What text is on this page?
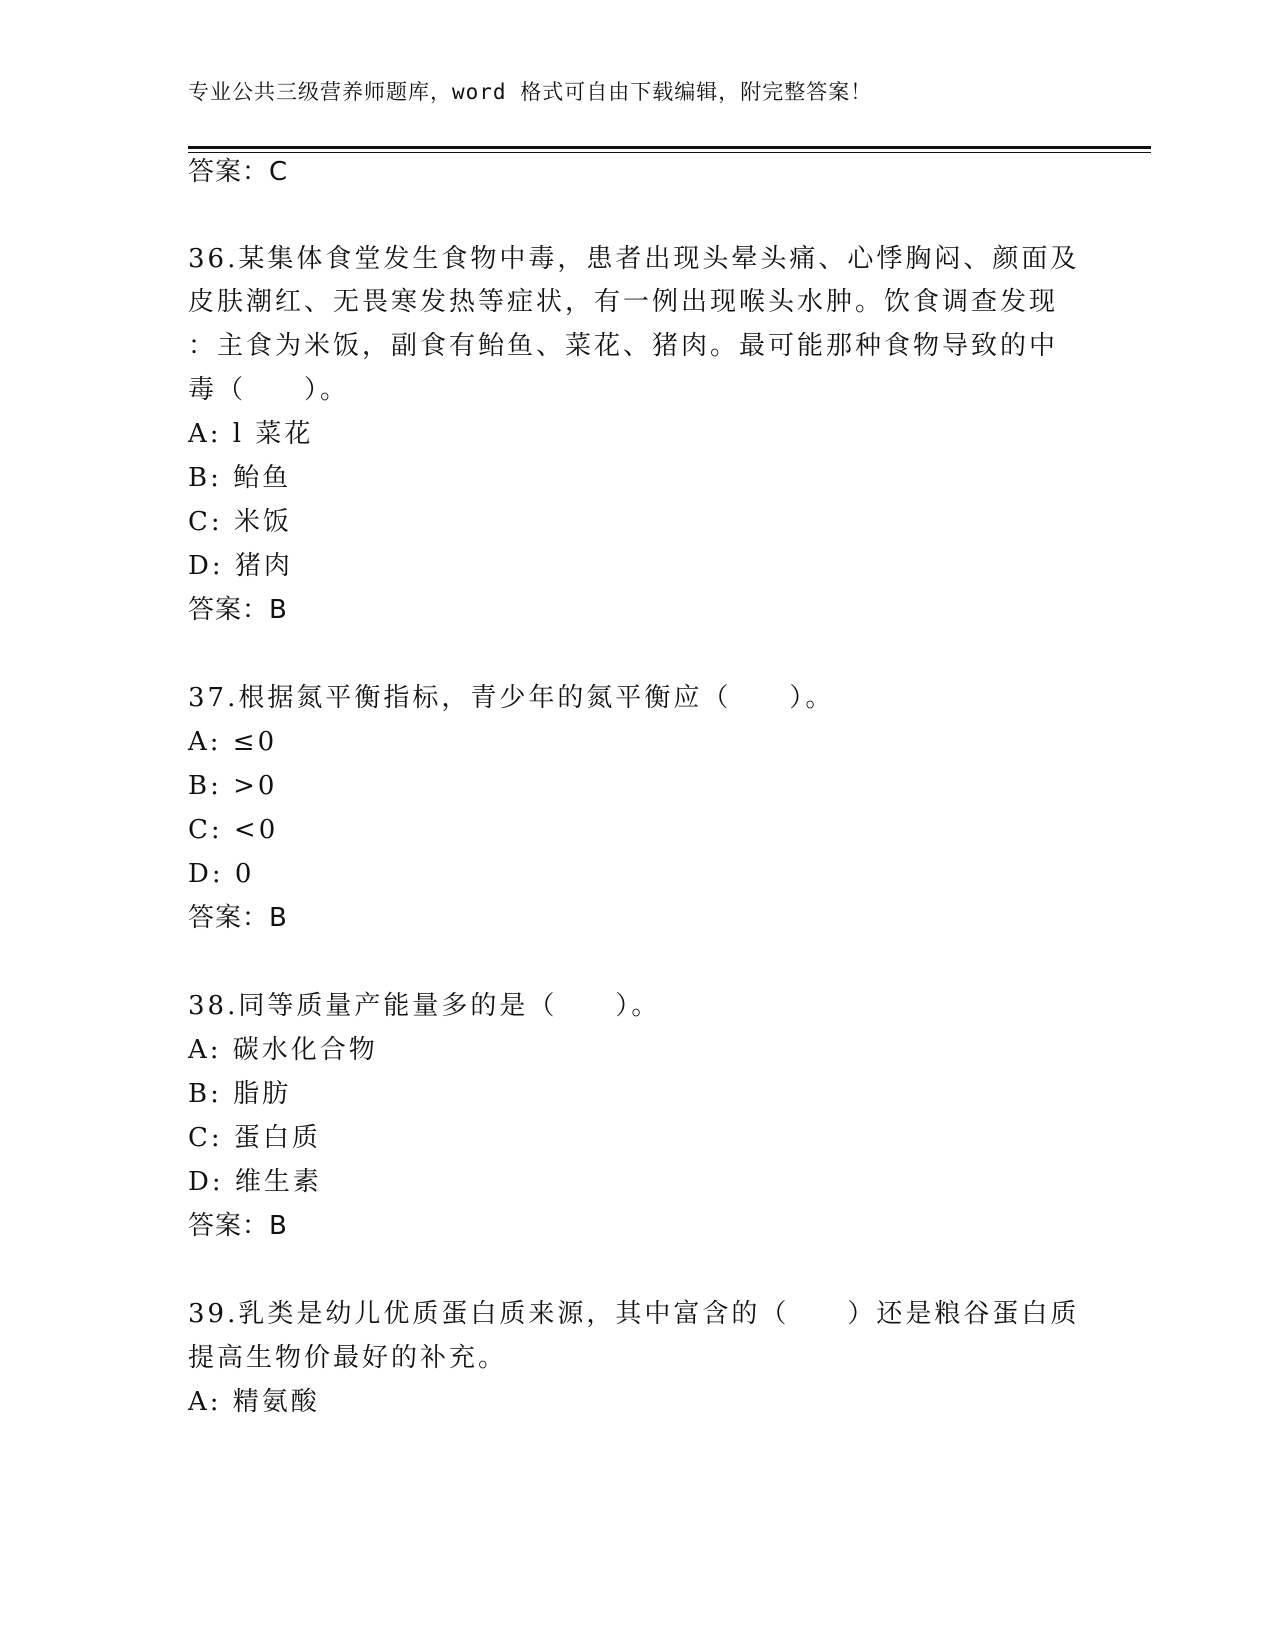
专业公共三级营养师题库，word 格式可自由下载编辑，附完整答案！
答案：C
36.某集体食堂发生食物中毒，患者出现头晕头痛、心悸胸闷、颜面及
皮肤潮红、无畏寒发热等症状，有一例出现喉头水肿。饮食调查发现
：主食为米饭，副食有鲐鱼、菜花、猪肉。最可能那种食物导致的中
毒（　　）。
A: l 菜花
B: 鲐鱼
C: 米饭
D: 猪肉
答案：B
37.根据氮平衡指标，青少年的氮平衡应（　　）。
A: ≤0
B: >0
C: <0
D: 0
答案：B
38.同等质量产能量多的是（　　）。
A: 碳水化合物
B: 脂肪
C: 蛋白质
D: 维生素
答案：B
39.乳类是幼儿优质蛋白质来源，其中富含的（　　）还是粮谷蛋白质
提高生物价最好的补充。
A: 精氨酸
